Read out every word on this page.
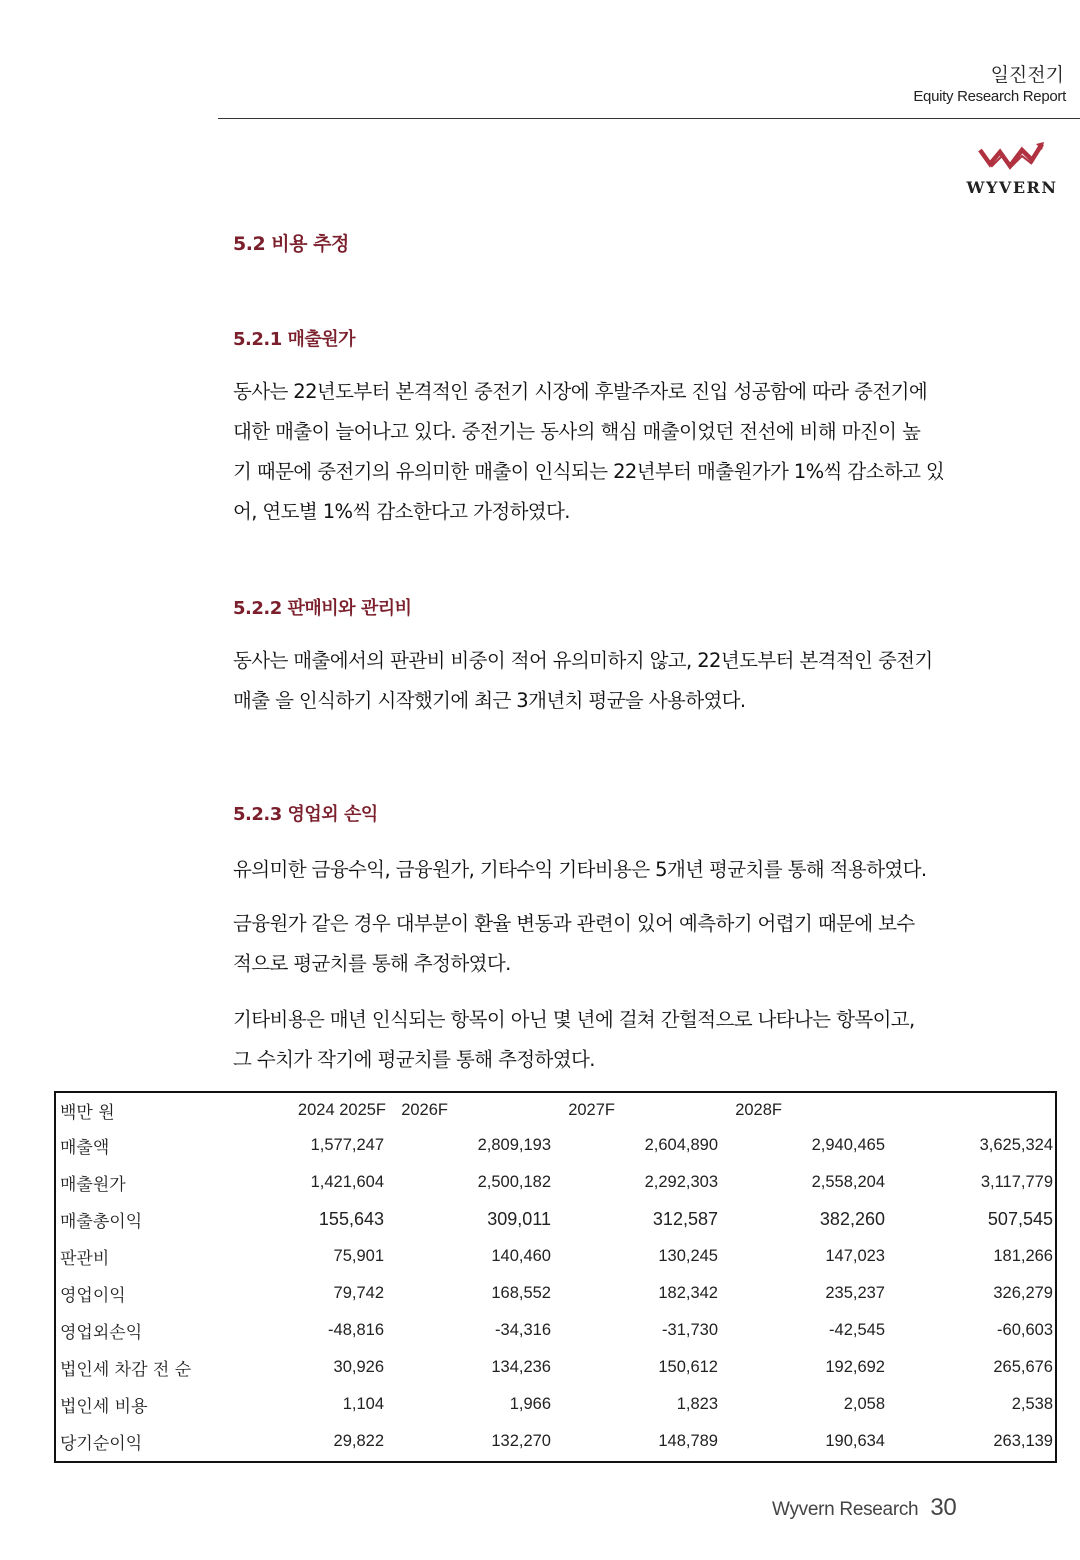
일진전기
Equity Research Report
WYVERN
5.2 비용 추정
5.2.1 매출원가
동사는 22년도부터 본격적인 중전기 시장에 후발주자로 진입 성공함에 따라 중전기에
대한 매출이 늘어나고 있다. 중전기는 동사의 핵심 매출이었던 전선에 비해 마진이 높
기 때문에 중전기의 유의미한 매출이 인식되는 22년부터 매출원가가 1%씩 감소하고 있
어, 연도별 1%씩 감소한다고 가정하였다.
5.2.2 판매비와 관리비
동사는 매출에서의 판관비 비중이 적어 유의미하지 않고, 22년도부터 본격적인 중전기
매출 을 인식하기 시작했기에 최근 3개년치 평균을 사용하였다.
5.2.3 영업외 손익
유의미한 금융수익, 금융원가, 기타수익 기타비용은 5개년 평균치를 통해 적용하였다.
금융원가 같은 경우 대부분이 환율 변동과 관련이 있어 예측하기 어렵기 때문에 보수
적으로 평균치를 통해 추정하였다.
기타비용은 매년 인식되는 항목이 아닌 몇 년에 걸쳐 간헐적으로 나타나는 항목이고,
그 수치가 작기에 평균치를 통해 추정하였다.
백만 원	2024 2025F	2026F	2027F	2028F	
매출액	1,577,247	2,809,193	2,604,890	2,940,465	3,625,324
매출원가	1,421,604	2,500,182	2,292,303	2,558,204	3,117,779
매출총이익	155,643	309,011	312,587	382,260	507,545
판관비	75,901	140,460	130,245	147,023	181,266
영업이익	79,742	168,552	182,342	235,237	326,279
영업외손익	-48,816	-34,316	-31,730	-42,545	-60,603
법인세 차감 전 순	30,926	134,236	150,612	192,692	265,676
법인세 비용	1,104	1,966	1,823	2,058	2,538
당기순이익	29,822	132,270	148,789	190,634	263,139
Wyvern Research 30
